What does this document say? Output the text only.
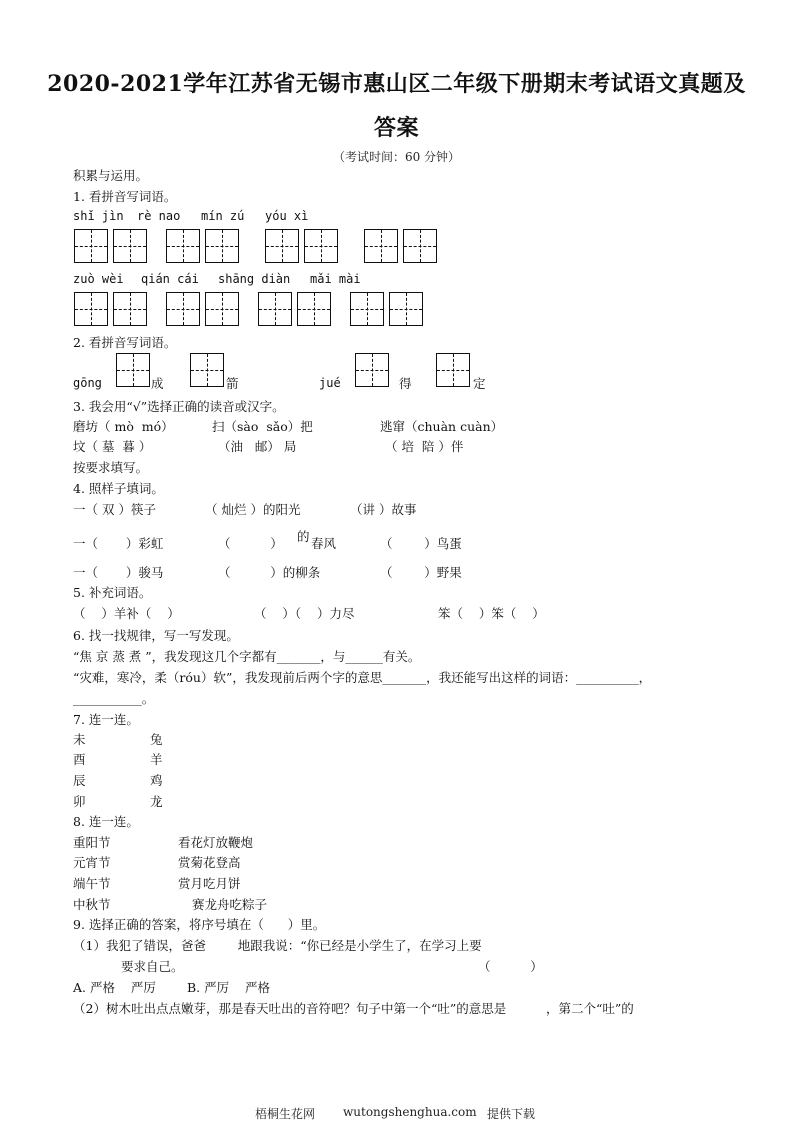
2020-2021学年江苏省无锡市惠山区二年级下册期末考试语文真题及
答案
（考试时间：60 分钟）
积累与运用。
1. 看拼音写词语。
shǐ jìn rè nao mín zú yóu xì
zuò wèi qián cái shāng diàn mǎi mài
2. 看拼音写词语。
gōng	成	箭	jué	得	定
3. 我会用“√”选择正确的读音或汉字。
磨坊（ mò  mó）	扫（sào  sǎo）把	逃窜（chuàn cuàn）
坟（ 墓  暮 ）	（油   邮） 局	（ 培  陪 ）伴
按要求填写。
4. 照样子填词。
一（ 双 ）筷子	（ 灿烂 ）的阳光	（讲 ）故事
一（       ）彩虹	（          ） 的 春风	（        ）鸟蛋
一（       ）骏马	（          ）的柳条	（        ）野果
5. 补充词语。
（    ）羊补（    ）	（    ）（    ）力尽	笨（    ）笨（    ）
6. 找一找规律，写一写发现。
“焦 京 蒸 煮 ”，我发现这几个字都有_______，与______有关。
“灾难，寒冷，柔（róu）软”，我发现前后两个字的意思_______，我还能写出这样的词语：__________，
___________。
7. 连一连。
未	兔
酉	羊
辰	鸡
卯	龙
8. 连一连。
重阳节	看花灯放鞭炮
元宵节	赏菊花登高
端午节	赏月吃月饼
中秋节	赛龙舟吃粽子
9. 选择正确的答案，将序号填在（      ）里。
（1）我犯了错误，爸爸        地跟我说：“你已经是小学生了，在学习上要
要求自己。	（          ）
A. 严格    严厉 B. 严厉    严格
（2）树木吐出点点嫩芽，那是春天吐出的音符吧？句子中第一个“吐”的意思是          ，第二个“吐”的
梧桐生花网 wutongshenghua.com 提供下载
